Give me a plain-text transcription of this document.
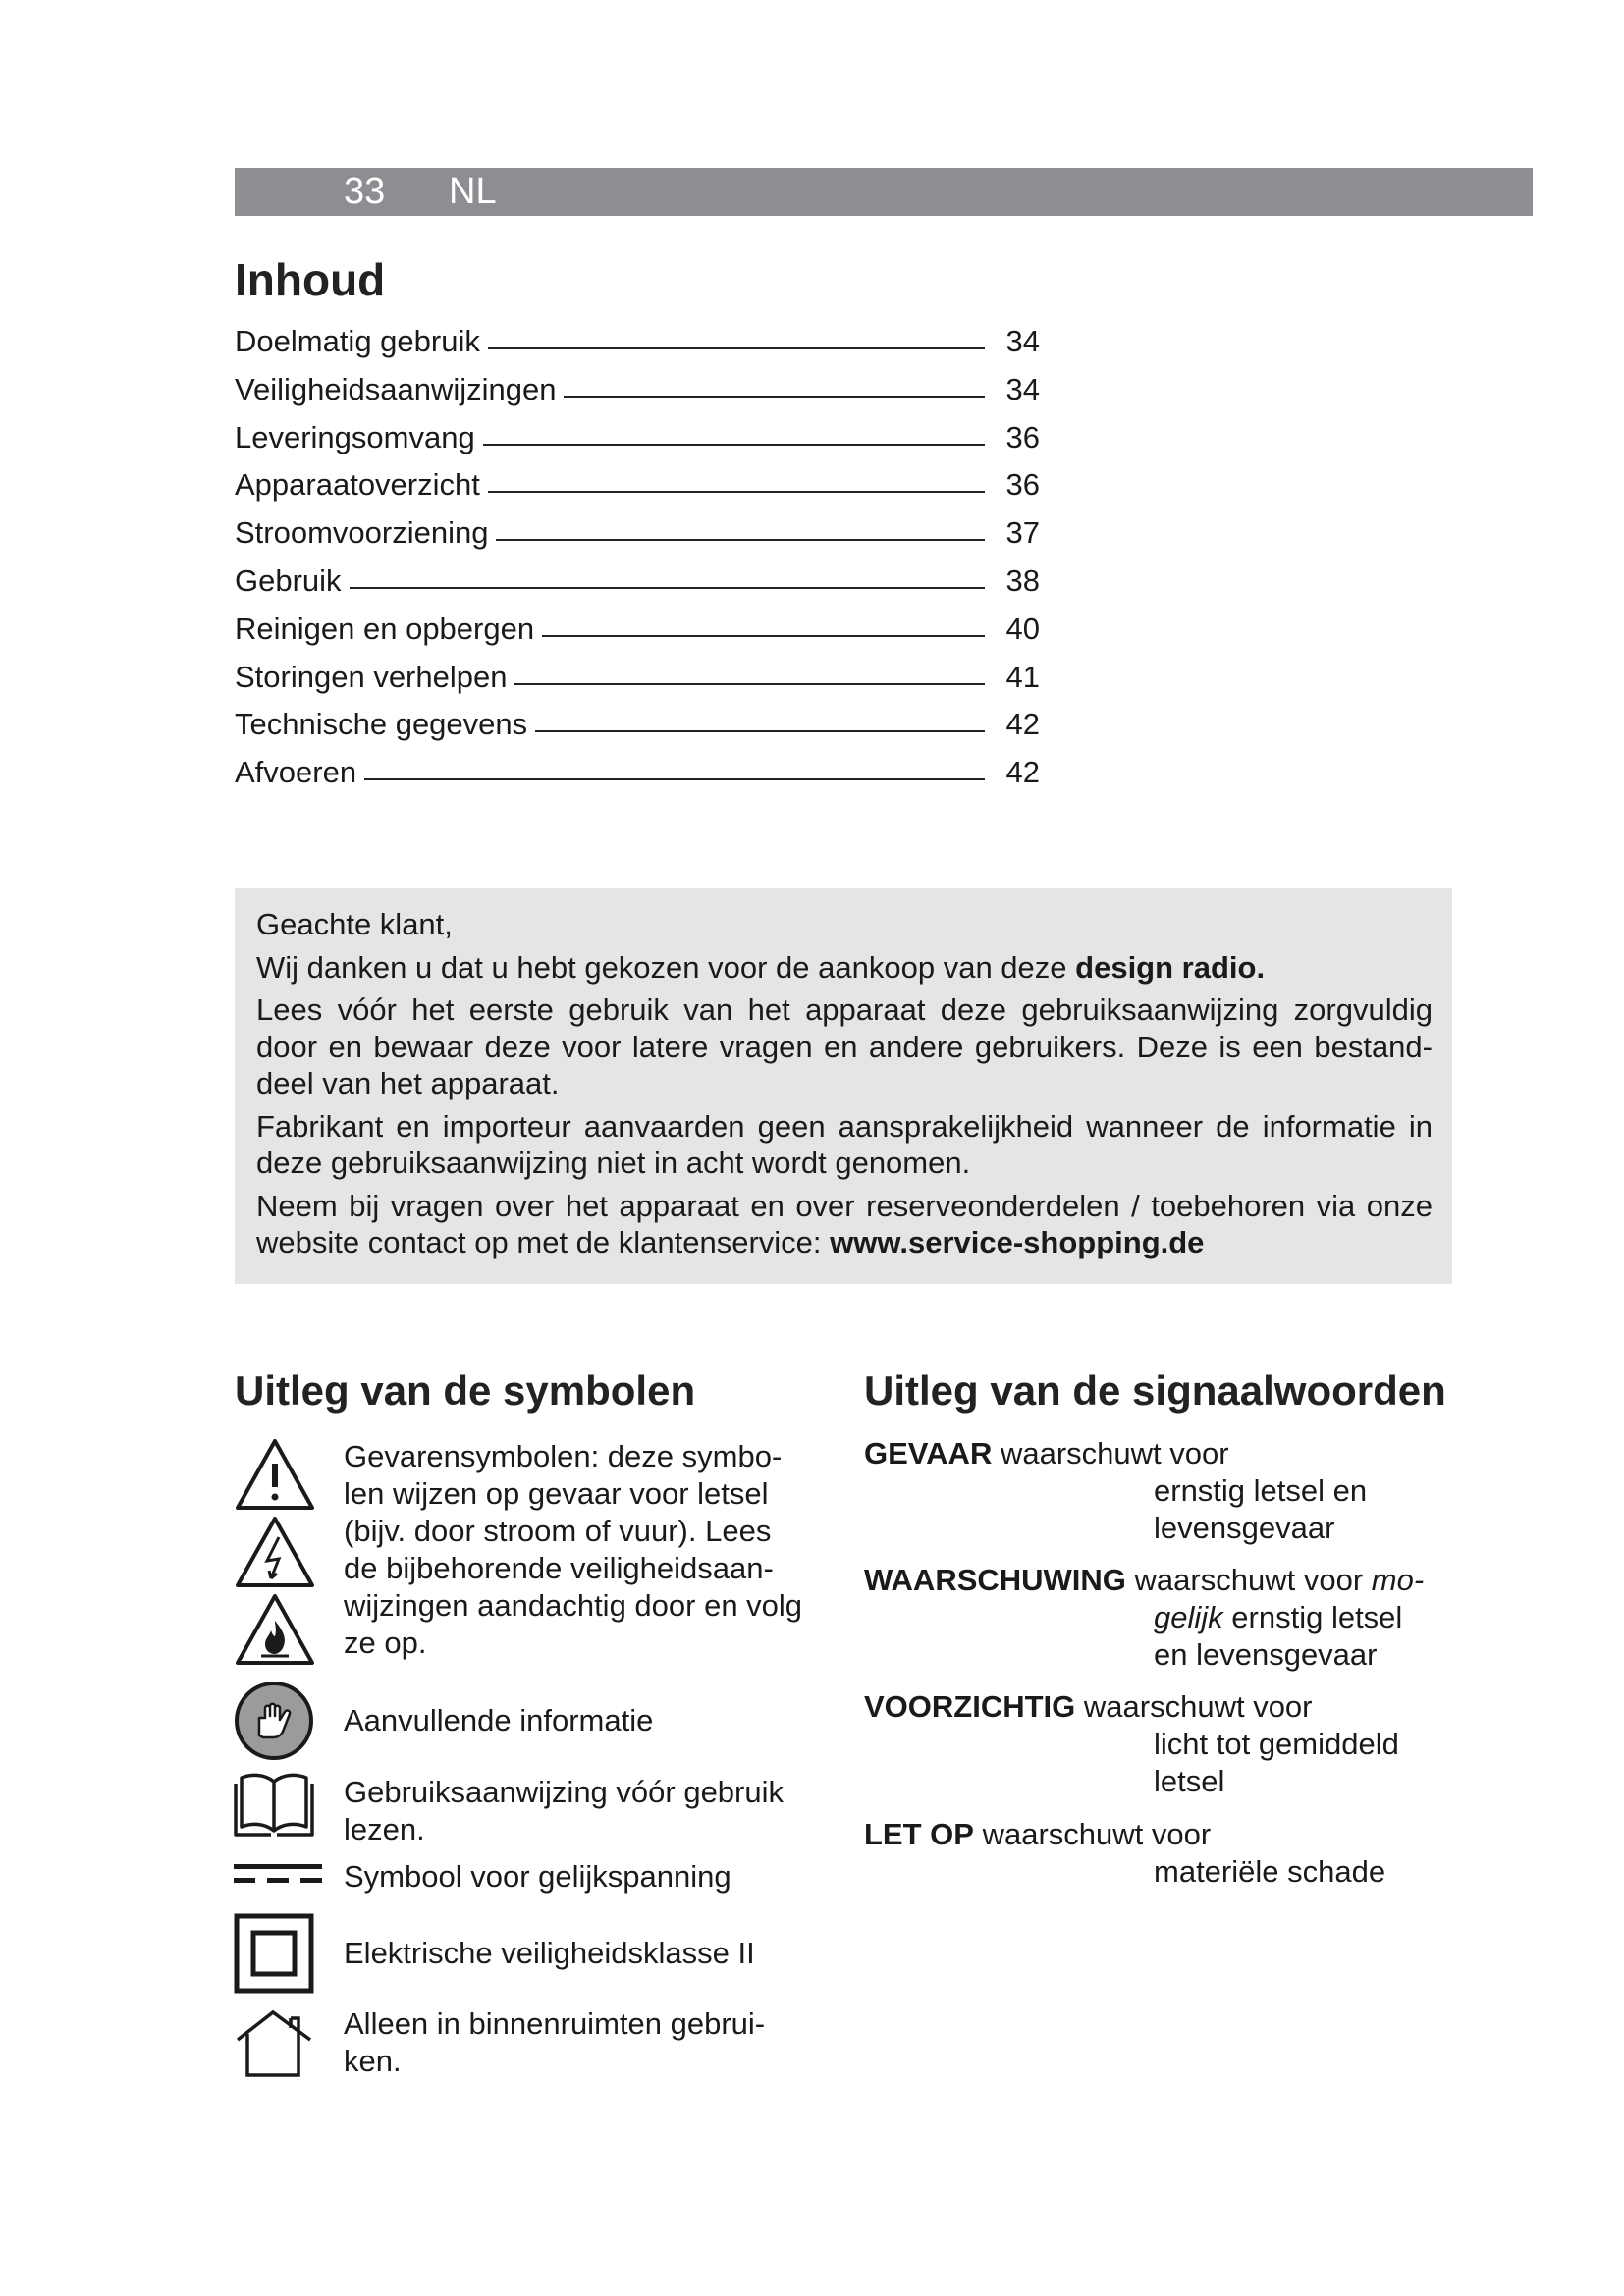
33 NL
Inhoud
Doelmatig gebruik	34
Veiligheidsaanwijzingen	34
Leveringsomvang	36
Apparaatoverzicht	36
Stroomvoorziening	37
Gebruik	38
Reinigen en opbergen	40
Storingen verhelpen	41
Technische gegevens	42
Afvoeren	42

Geachte klant,

Wij danken u dat u hebt gekozen voor de aankoop van deze design radio.

Lees vóór het eerste gebruik van het apparaat deze gebruiksaanwijzing zorgvuldig door en bewaar deze voor latere vragen en andere gebruikers. Deze is een bestanddeel van het apparaat.

Fabrikant en importeur aanvaarden geen aansprakelijkheid wanneer de informatie in deze gebruiksaanwijzing niet in acht wordt genomen.

Neem bij vragen over het apparaat en over reserveonderdelen / toebehoren via onze website contact op met de klantenservice: www.service-shopping.de

Uitleg van de symbolen
Gevarensymbolen: deze symbo-
len wijzen op gevaar voor letsel
(bijv. door stroom of vuur). Lees
de bijbehorende veiligheidsaan-
wijzingen aandachtig door en volg
ze op.
Aanvullende informatie
Gebruiksaanwijzing vóór gebruik
lezen.
Symbool voor gelijkspanning
Elektrische veiligheidsklasse II
Alleen in binnenruimten gebrui-
ken.
Uitleg van de signaalwoorden
GEVAAR waarschuwt voor
ernstig letsel en
levensgevaar
WAARSCHUWING waarschuwt voor mo-
gelijk ernstig letsel
en levensgevaar
VOORZICHTIG waarschuwt voor
licht tot gemiddeld
letsel
LET OP waarschuwt voor
materiële schade
